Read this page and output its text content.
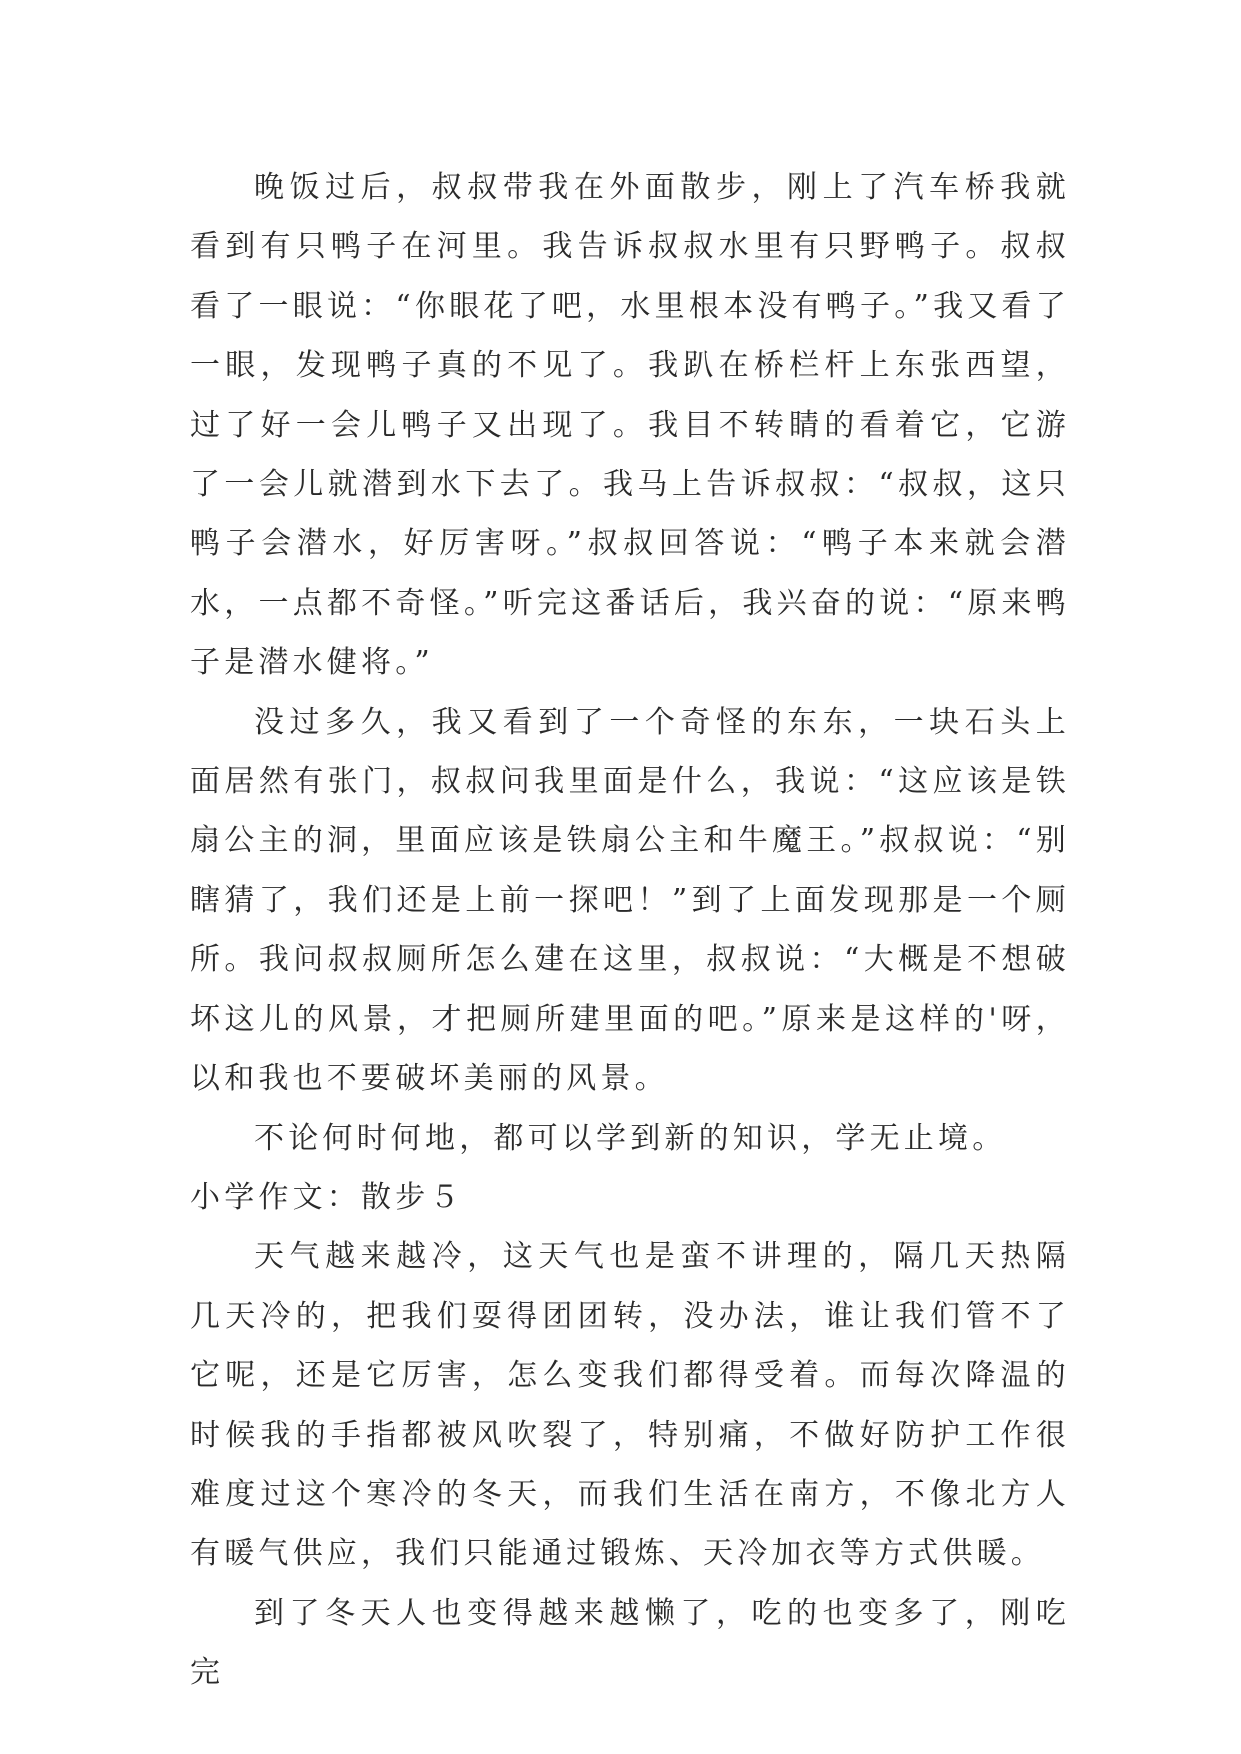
晚饭过后，叔叔带我在外面散步，刚上了汽车桥我就看到有只鸭子在河里。我告诉叔叔水里有只野鸭子。叔叔看了一眼说：“你眼花了吧，水里根本没有鸭子。”我又看了一眼，发现鸭子真的不见了。我趴在桥栏杆上东张西望，过了好一会儿鸭子又出现了。我目不转睛的看着它，它游了一会儿就潜到水下去了。我马上告诉叔叔：“叔叔，这只鸭子会潜水，好厉害呀。”叔叔回答说：“鸭子本来就会潜水，一点都不奇怪。”听完这番话后，我兴奋的说：“原来鸭子是潜水健将。”

没过多久，我又看到了一个奇怪的东东，一块石头上面居然有张门，叔叔问我里面是什么，我说：“这应该是铁扇公主的洞，里面应该是铁扇公主和牛魔王。”叔叔说：“别瞎猜了，我们还是上前一探吧！”到了上面发现那是一个厕所。我问叔叔厕所怎么建在这里，叔叔说：“大概是不想破坏这儿的风景，才把厕所建里面的吧。”原来是这样的'呀，以和我也不要破坏美丽的风景。

不论何时何地，都可以学到新的知识，学无止境。

小学作文：散步５

天气越来越冷，这天气也是蛮不讲理的，隔几天热隔几天冷的，把我们耍得团团转，没办法，谁让我们管不了它呢，还是它厉害，怎么变我们都得受着。而每次降温的时候我的手指都被风吹裂了，特别痛，不做好防护工作很难度过这个寒冷的冬天，而我们生活在南方，不像北方人有暖气供应，我们只能通过锻炼、天冷加衣等方式供暖。

到了冬天人也变得越来越懒了，吃的也变多了，刚吃完
